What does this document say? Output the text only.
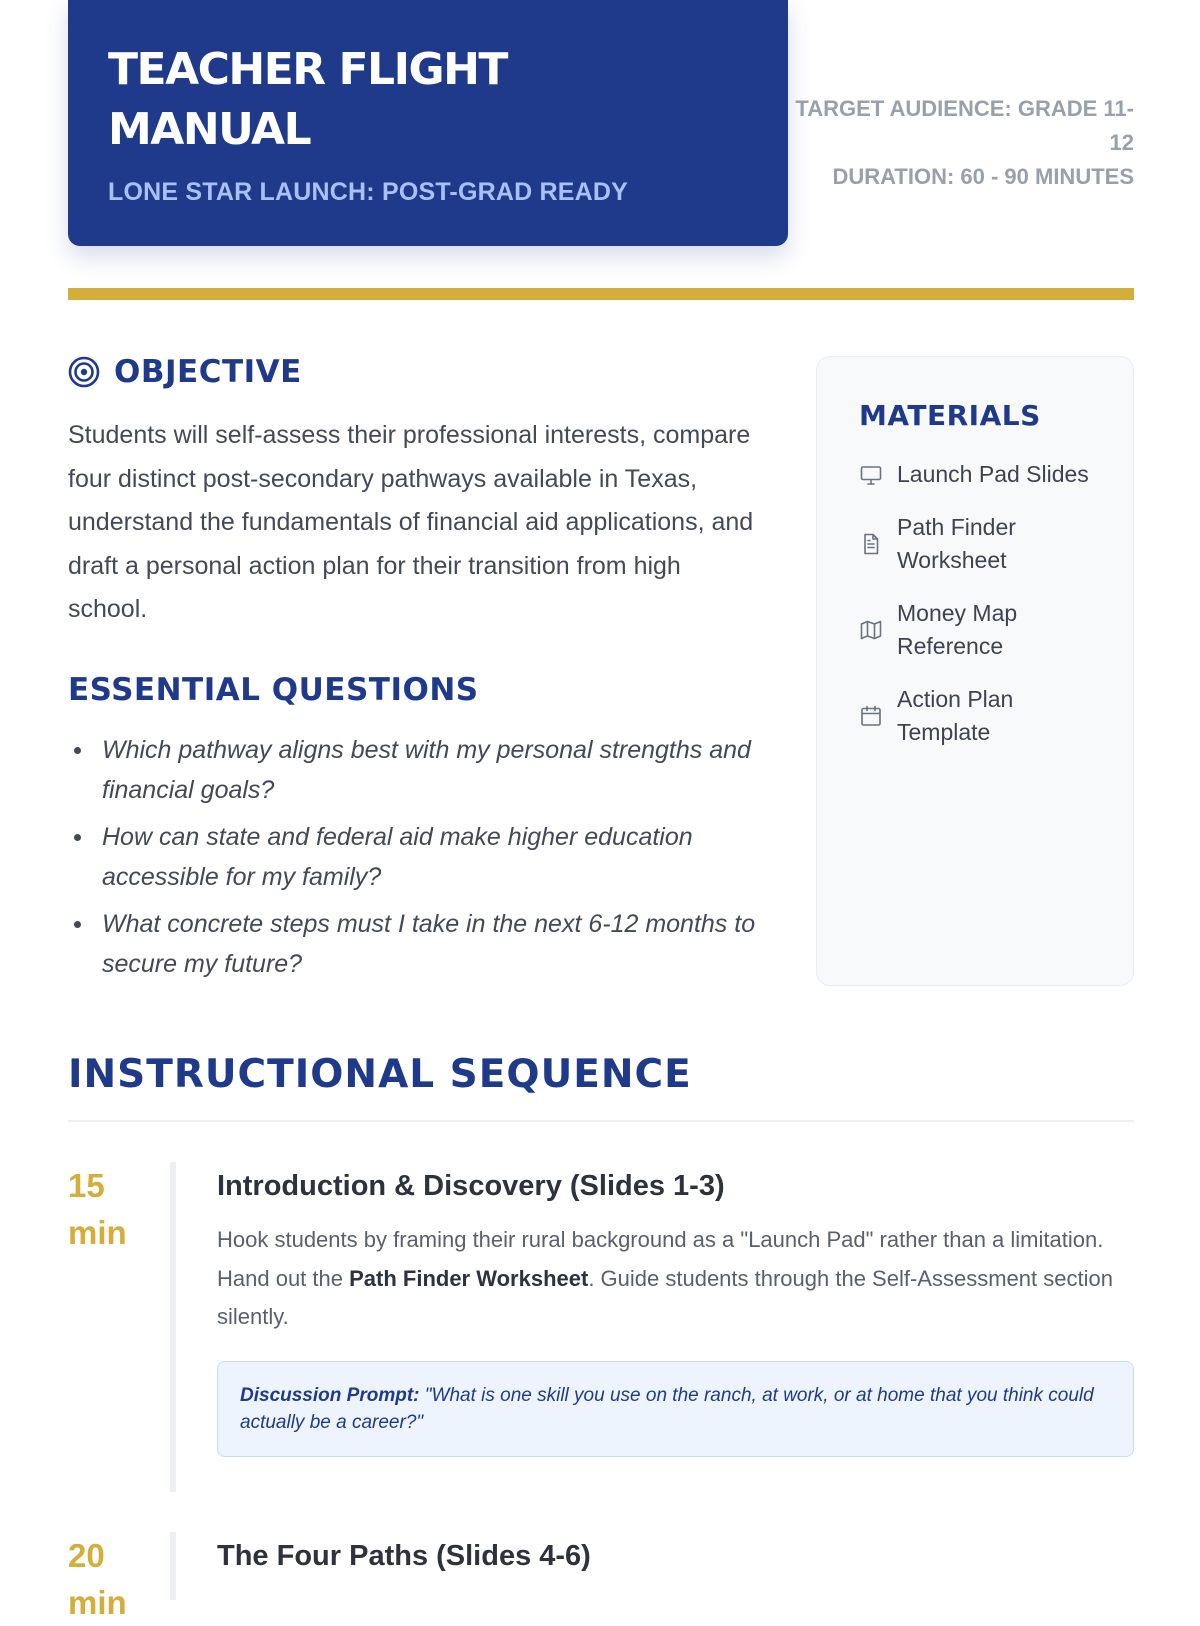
TEACHER FLIGHT MANUAL
LONE STAR LAUNCH: POST-GRAD READY
TARGET AUDIENCE: GRADE 11-12
DURATION: 60 - 90 MINUTES
OBJECTIVE

Students will self-assess their professional interests, compare four distinct post-secondary pathways available in Texas, understand the fundamentals of financial aid applications, and draft a personal action plan for their transition from high school.

ESSENTIAL QUESTIONS
Which pathway aligns best with my personal strengths and financial goals?
How can state and federal aid make higher education accessible for my family?
What concrete steps must I take in the next 6-12 months to secure my future?
MATERIALS
Launch Pad Slides
Path Finder Worksheet
Money Map Reference
Action Plan Template
INSTRUCTIONAL SEQUENCE
15 min
Introduction & Discovery (Slides 1-3)

Hook students by framing their rural background as a "Launch Pad" rather than a limitation. Hand out the Path Finder Worksheet. Guide students through the Self-Assessment section silently.

Discussion Prompt: "What is one skill you use on the ranch, at work, or at home that you think could actually be a career?"
20 min
The Four Paths (Slides 4-6)
